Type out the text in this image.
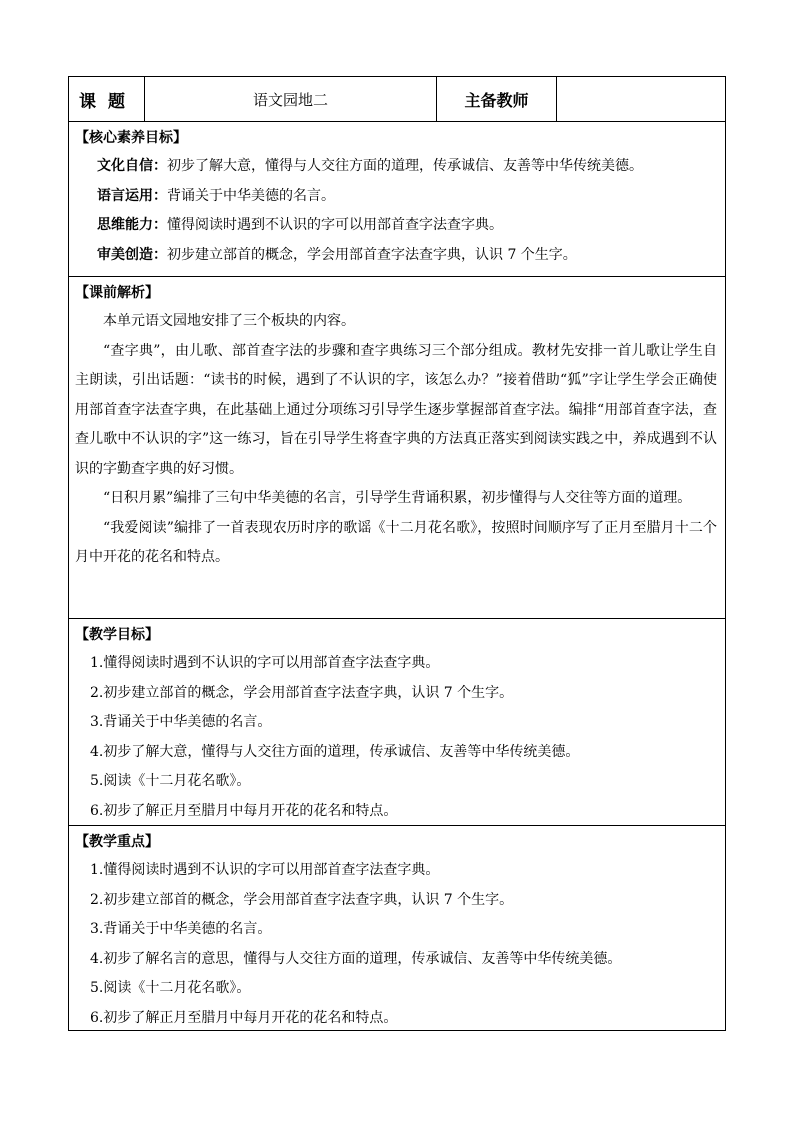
课题	语文园地二	主备教师
【核心素养目标】
文化自信：初步了解大意，懂得与人交往方面的道理，传承诚信、友善等中华传统美德。
语言运用：背诵关于中华美德的名言。
思维能力：懂得阅读时遇到不认识的字可以用部首查字法查字典。
审美创造：初步建立部首的概念，学会用部首查字法查字典，认识 7 个生字。
【课前解析】

本单元语文园地安排了三个板块的内容。

“查字典”，由儿歌、部首查字法的步骤和查字典练习三个部分组成。教材先安排一首儿歌让学生自主朗读，引出话题：“读书的时候，遇到了不认识的字，该怎么办？”接着借助“狐”字让学生学会正确使用部首查字法查字典，在此基础上通过分项练习引导学生逐步掌握部首查字法。编排“用部首查字法，查查儿歌中不认识的字”这一练习，旨在引导学生将查字典的方法真正落实到阅读实践之中，养成遇到不认识的字勤查字典的好习惯。

“日积月累”编排了三句中华美德的名言，引导学生背诵积累，初步懂得与人交往等方面的道理。

“我爱阅读”编排了一首表现农历时序的歌谣《十二月花名歌》，按照时间顺序写了正月至腊月十二个月中开花的花名和特点。

【教学目标】
1.懂得阅读时遇到不认识的字可以用部首查字法查字典。
2.初步建立部首的概念，学会用部首查字法查字典，认识 7 个生字。
3.背诵关于中华美德的名言。
4.初步了解大意，懂得与人交往方面的道理，传承诚信、友善等中华传统美德。
5.阅读《十二月花名歌》。
6.初步了解正月至腊月中每月开花的花名和特点。
【教学重点】
1.懂得阅读时遇到不认识的字可以用部首查字法查字典。
2.初步建立部首的概念，学会用部首查字法查字典，认识 7 个生字。
3.背诵关于中华美德的名言。
4.初步了解名言的意思，懂得与人交往方面的道理，传承诚信、友善等中华传统美德。
5.阅读《十二月花名歌》。
6.初步了解正月至腊月中每月开花的花名和特点。
